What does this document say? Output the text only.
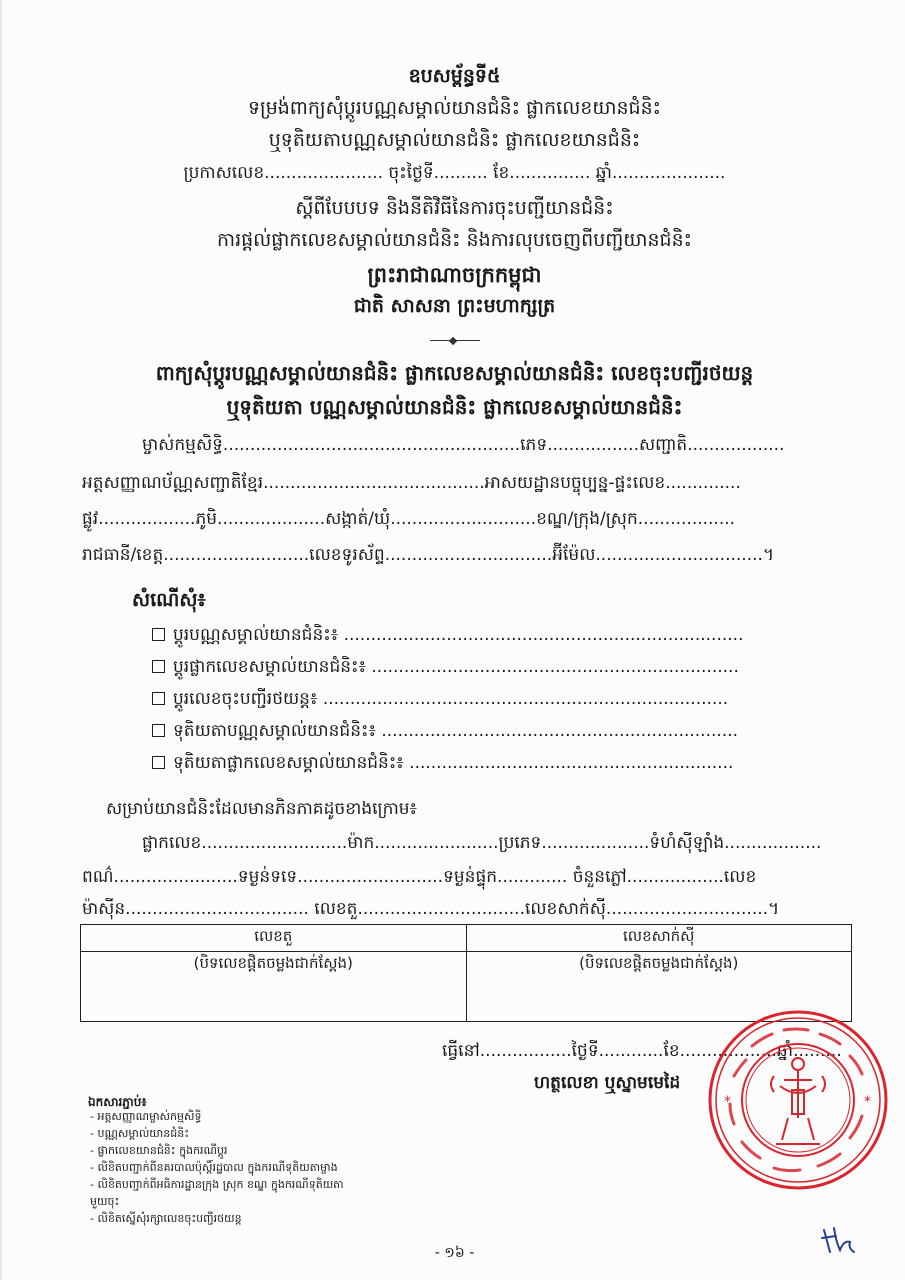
ឧបសម្ព័ន្ធទី៥
ទម្រង់ពាក្យសុំប្ដូរបណ្ណសម្គាល់យានជំនិះ ផ្លាកលេខយានជំនិះ
ឬទុតិយតាបណ្ណសម្គាល់យានជំនិះ ផ្លាកលេខយានជំនិះ
ប្រកាសលេខ...................... ចុះថ្ងៃទី.......... ខែ............... ឆ្នាំ.....................
ស្ដីពីបែបបទ និងនីតិវិធីនៃការចុះបញ្ជីយានជំនិះ
ការផ្ដល់ផ្លាកលេខសម្គាល់យានជំនិះ និងការលុបចេញពីបញ្ជីយានជំនិះ
ព្រះរាជាណាចក្រកម្ពុជា
ជាតិ សាសនា ព្រះមហាក្សត្រ
ពាក្យសុំប្ដូរបណ្ណសម្គាល់យានជំនិះ ផ្លាកលេខសម្គាល់យានជំនិះ លេខចុះបញ្ជីរថយន្ត
ឬទុតិយតា បណ្ណសម្គាល់យានជំនិះ ផ្លាកលេខសម្គាល់យានជំនិះ
ម្ចាស់កម្មសិទ្ធិ.......................................................ភេទ.................សញ្ជាតិ..................
អត្តសញ្ញាណប័ណ្ណសញ្ជាតិខ្មែរ.........................................អាសយដ្ឋានបច្ចុប្បន្ន-ផ្ទះលេខ..............
ផ្លូវ..................ភូមិ....................សង្កាត់/ឃុំ...........................ខណ្ឌ/ក្រុង/ស្រុក..................
រាជធានី/ខេត្ត...........................លេខទូរស័ព្ទ...............................អ៊ីម៉ែល...............................។
សំណើសុំ៖
ប្ដូរបណ្ណសម្គាល់យានជំនិះ៖ ..........................................................................
ប្ដូរផ្លាកលេខសម្គាល់យានជំនិះ៖ ....................................................................
ប្ដូរលេខចុះបញ្ជីរថយន្ត៖ ...........................................................................
ទុតិយតាបណ្ណសម្គាល់យានជំនិះ៖ ..................................................................
ទុតិយតាផ្លាកលេខសម្គាល់យានជំនិះ៖ ............................................................
សម្រាប់យានជំនិះដែលមានភិនភាគដូចខាងក្រោម៖
ផ្លាកលេខ...........................ម៉ាក.......................ប្រភេទ....................ទំហំស៊ីឡាំង..................
ពណ៌.......................ទម្ងន់ទទេ...........................ទម្ងន់ផ្ទុក............. ចំនួនភ្លៅ..................លេខ
ម៉ាស៊ីន.................................. លេខតួ...............................លេខសាក់ស៊ី..............................។
លេខតួ	លេខសាក់ស៊ី
(បិទលេខផ្ដិតចម្លងជាក់ស្ដែង)	(បិទលេខផ្ដិតចម្លងជាក់ស្ដែង)
ធ្វើនៅ.................ថ្ងៃទី............ខែ..................ឆ្នាំ.........
ហត្ថលេខា ឬស្នាមមេដៃ
ឯកសារភ្ជាប់៖
- អត្តសញ្ញាណម្ចាស់កម្មសិទ្ធិ
- បណ្ណសម្គាល់យានជំនិះ
- ផ្លាកលេខយានជំនិះ ក្នុងករណីប្ដូរ
- លិខិតបញ្ជាក់ពីនគរបាលប៉ុស្ដិ៍រដ្ឋបាល ក្នុងករណីទុតិយតាម្ចាង
- លិខិតបញ្ជាក់ពីអធិការដ្ឋានក្រុង ស្រុក ខណ្ឌ ក្នុងករណីទុតិយតា
មួយចុះ
- លិខិតស្នើសុំរក្សាលេខចុះបញ្ជីរថយន្ត
- ១៦ -
*
*
